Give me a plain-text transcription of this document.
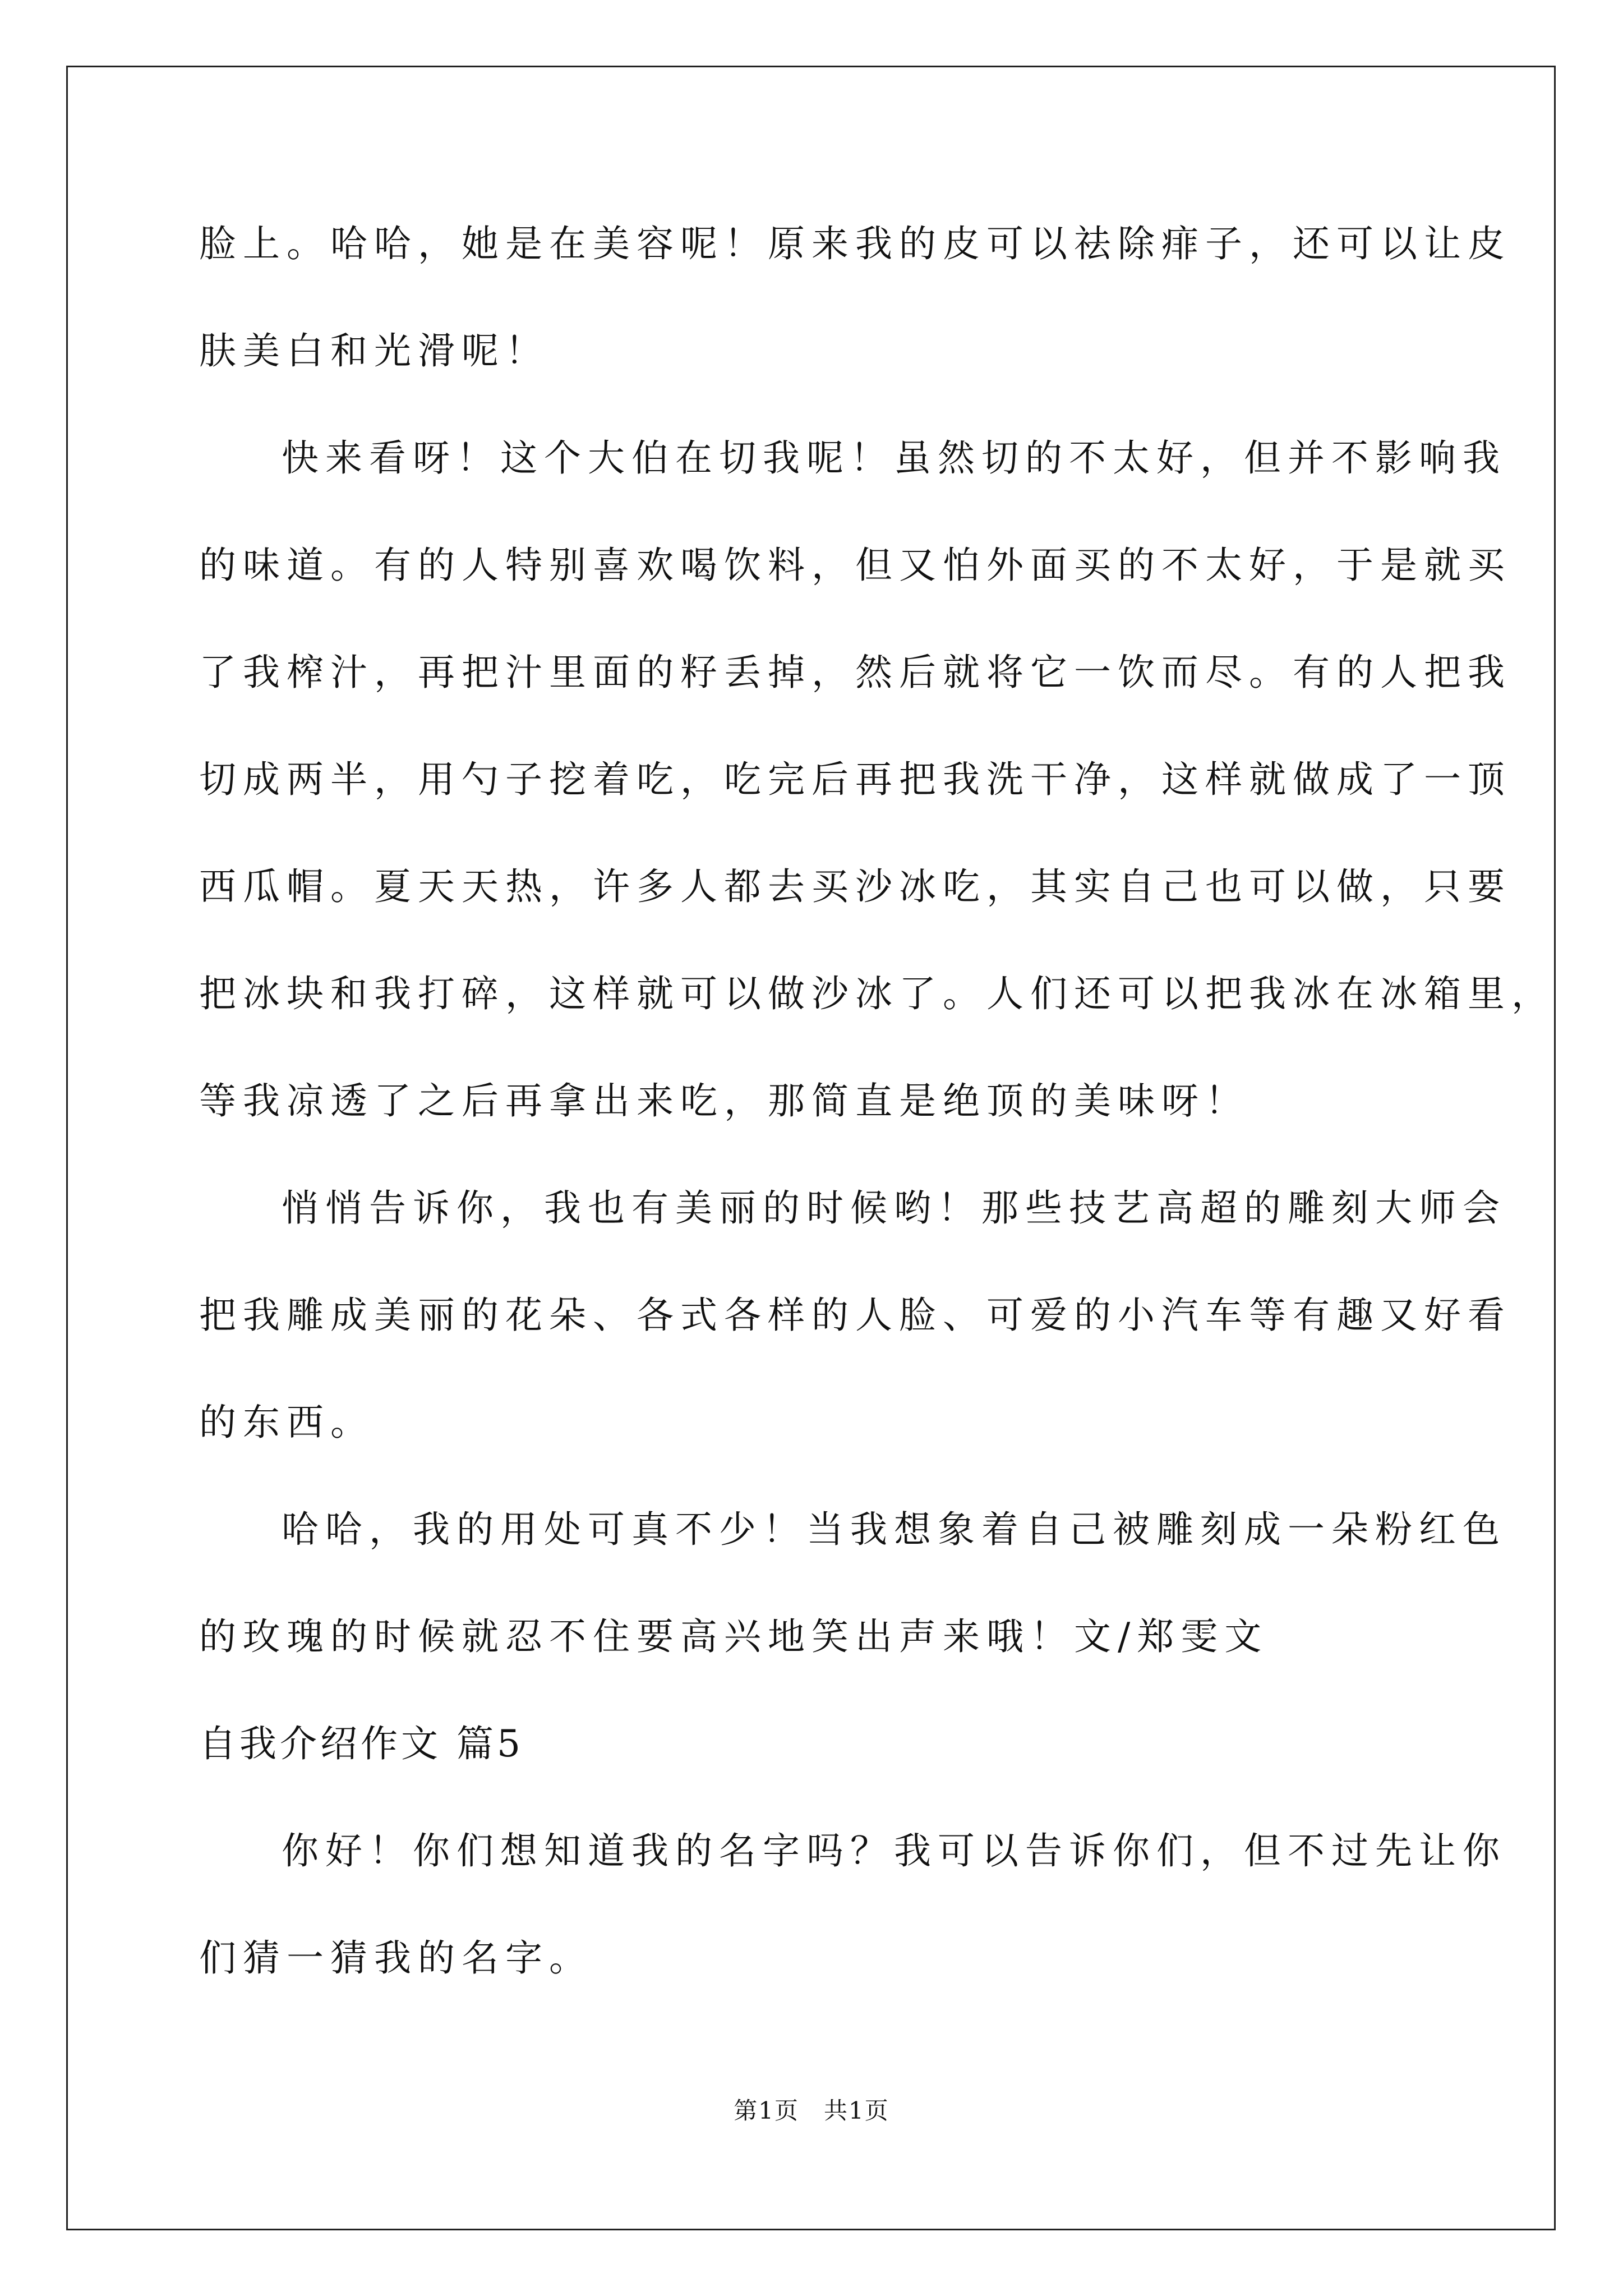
脸上。哈哈，她是在美容呢！原来我的皮可以祛除痱子，还可以让皮
肤美白和光滑呢！
快来看呀！这个大伯在切我呢！虽然切的不太好，但并不影响我
的味道。有的人特别喜欢喝饮料，但又怕外面买的不太好，于是就买
了我榨汁，再把汁里面的籽丢掉，然后就将它一饮而尽。有的人把我
切成两半，用勺子挖着吃，吃完后再把我洗干净，这样就做成了一顶
西瓜帽。夏天天热，许多人都去买沙冰吃，其实自己也可以做，只要
把冰块和我打碎，这样就可以做沙冰了。人们还可以把我冰在冰箱里，
等我凉透了之后再拿出来吃，那简直是绝顶的美味呀！
悄悄告诉你，我也有美丽的时候哟！那些技艺高超的雕刻大师会
把我雕成美丽的花朵、各式各样的人脸、可爱的小汽车等有趣又好看
的东西。
哈哈，我的用处可真不少！当我想象着自己被雕刻成一朵粉红色
的玫瑰的时候就忍不住要高兴地笑出声来哦！文/郑雯文
自我介绍作文 篇5
你好！你们想知道我的名字吗？我可以告诉你们，但不过先让你
们猜一猜我的名字。
第1页　共1页
